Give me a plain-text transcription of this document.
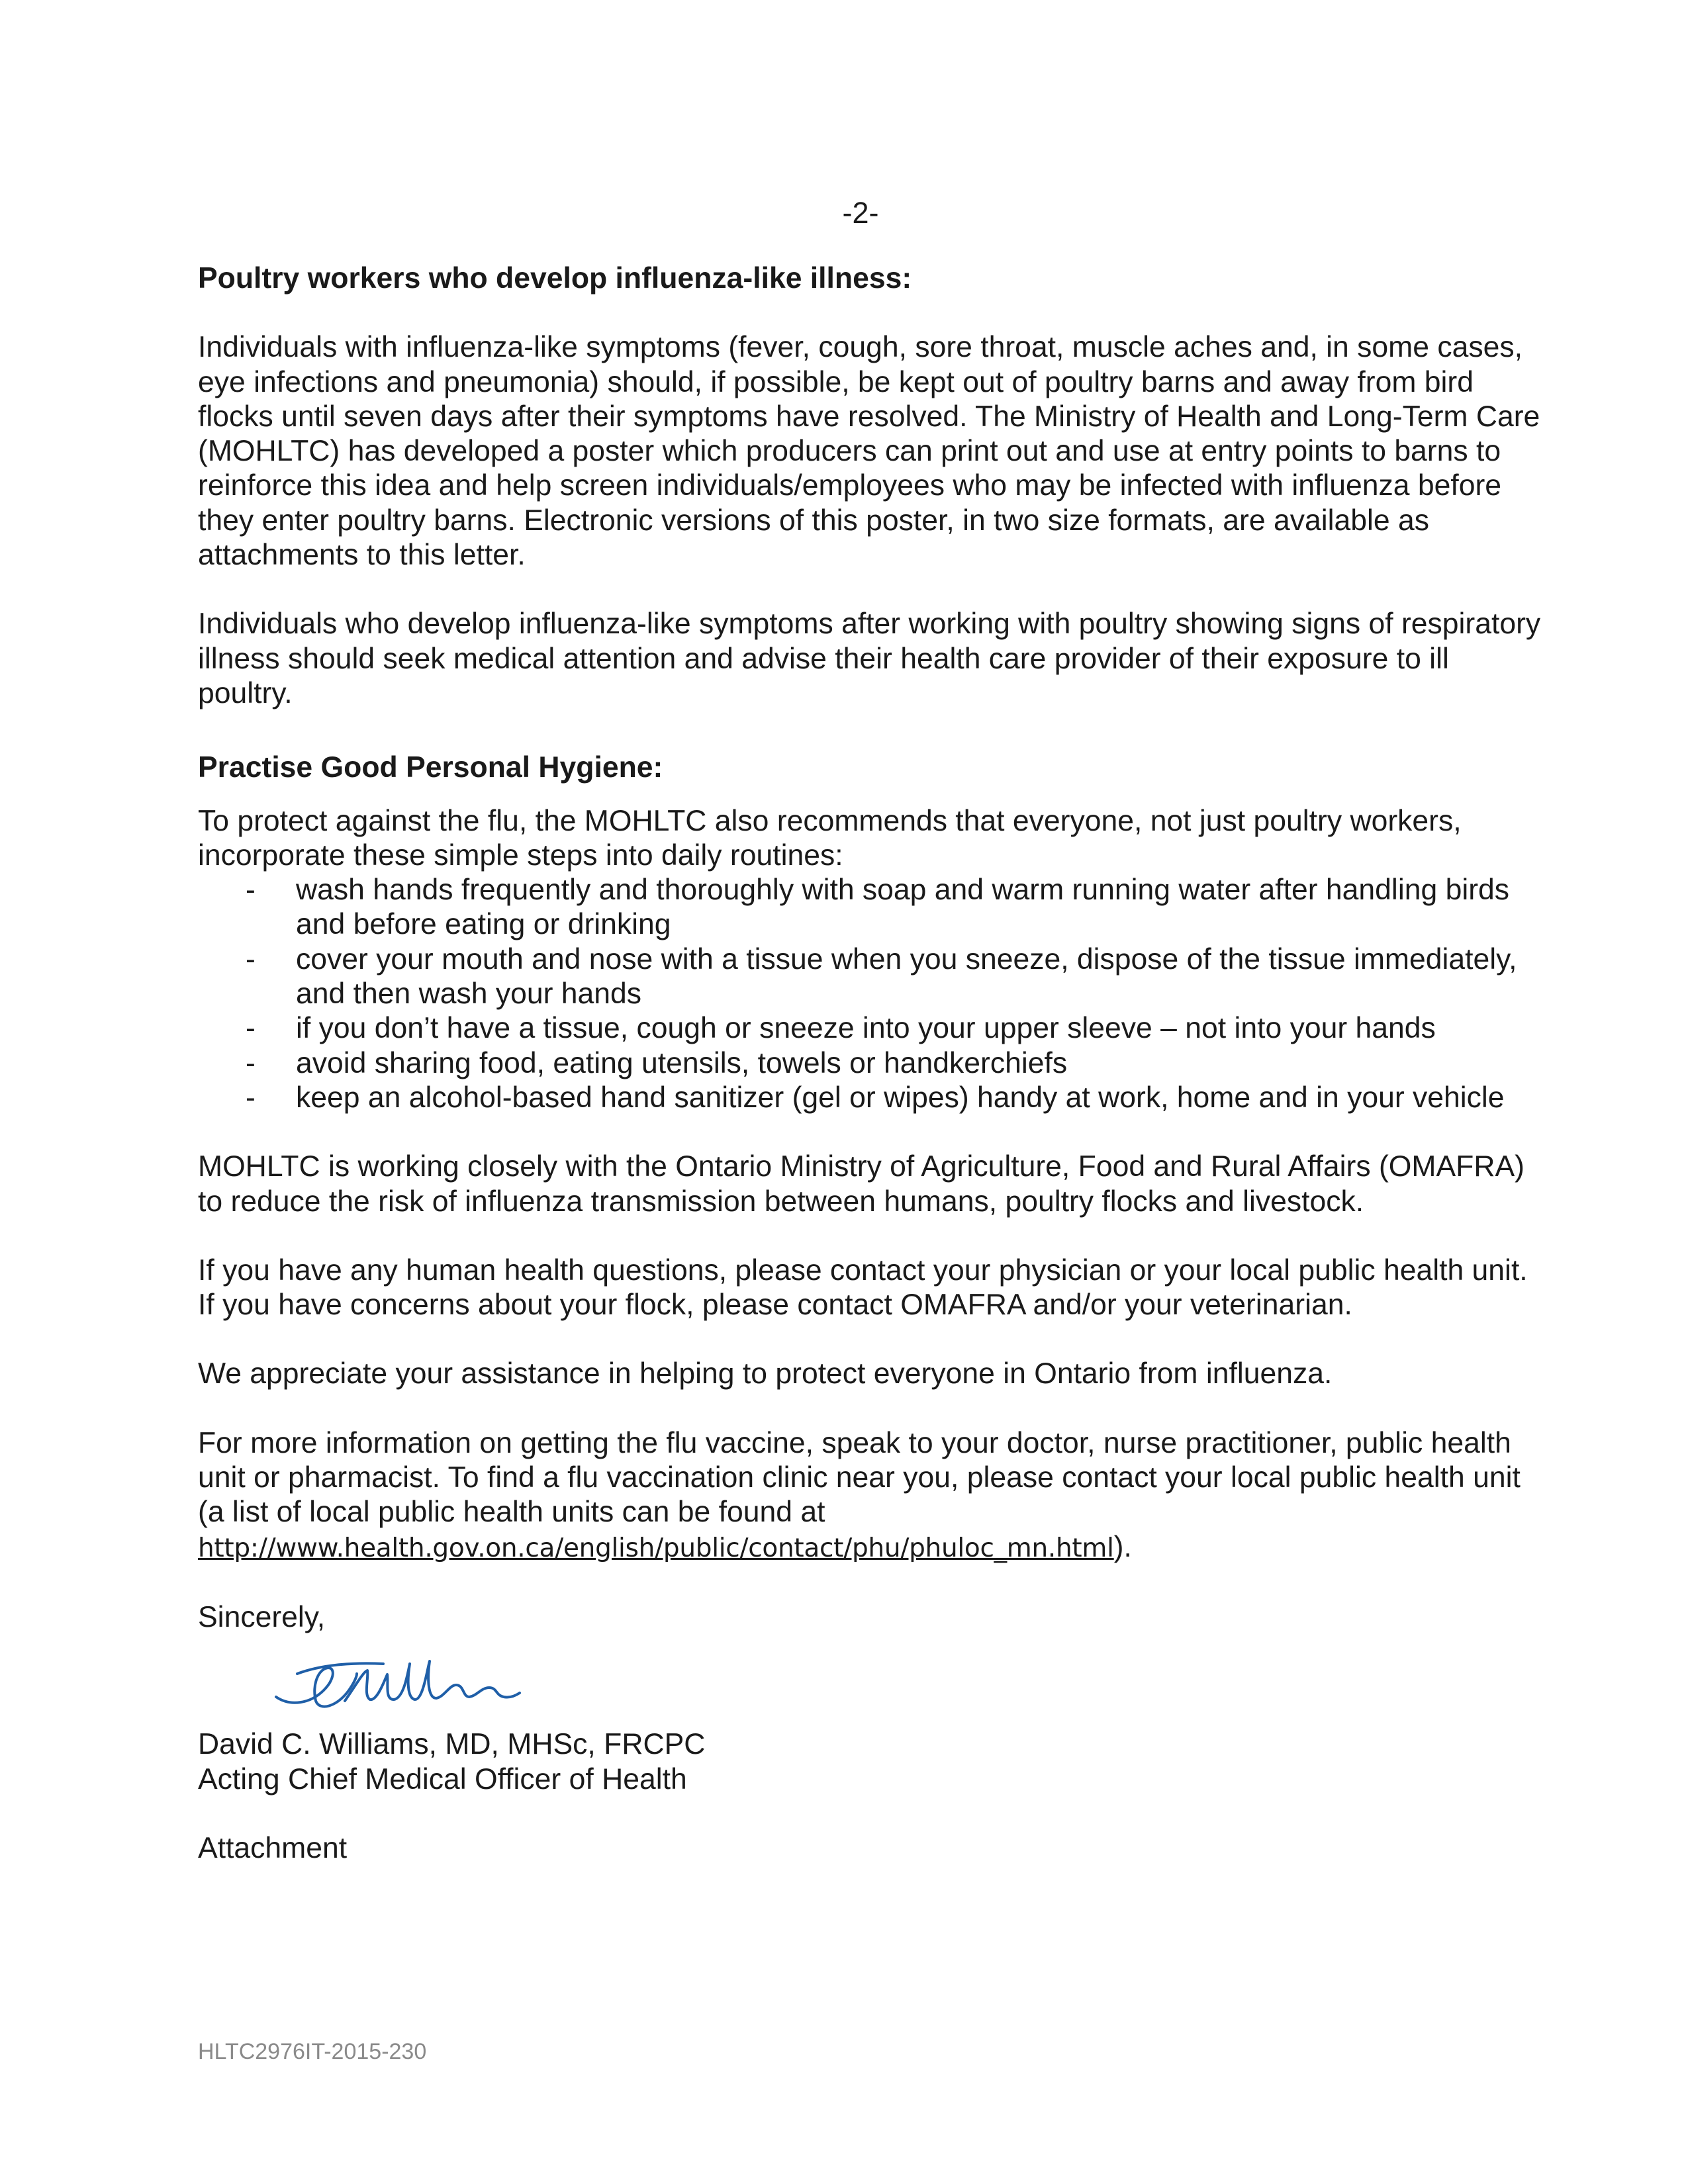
-2-
Poultry workers who develop influenza-like illness:

Individuals with influenza-like symptoms (fever, cough, sore throat, muscle aches and, in some cases, eye infections and pneumonia) should, if possible, be kept out of poultry barns and away from bird flocks until seven days after their symptoms have resolved. The Ministry of Health and Long-Term Care (MOHLTC) has developed a poster which producers can print out and use at entry points to barns to reinforce this idea and help screen individuals/employees who may be infected with influenza before they enter poultry barns. Electronic versions of this poster, in two size formats, are available as attachments to this letter.

Individuals who develop influenza-like symptoms after working with poultry showing signs of respiratory illness should seek medical attention and advise their health care provider of their exposure to ill poultry.

Practise Good Personal Hygiene:

To protect against the flu, the MOHLTC also recommends that everyone, not just poultry workers, incorporate these simple steps into daily routines:

- wash hands frequently and thoroughly with soap and warm running water after handling birds and before eating or drinking
- cover your mouth and nose with a tissue when you sneeze, dispose of the tissue immediately, and then wash your hands
- if you don’t have a tissue, cough or sneeze into your upper sleeve – not into your hands
- avoid sharing food, eating utensils, towels or handkerchiefs
- keep an alcohol-based hand sanitizer (gel or wipes) handy at work, home and in your vehicle

MOHLTC is working closely with the Ontario Ministry of Agriculture, Food and Rural Affairs (OMAFRA) to reduce the risk of influenza transmission between humans, poultry flocks and livestock.

If you have any human health questions, please contact your physician or your local public health unit. If you have concerns about your flock, please contact OMAFRA and/or your veterinarian.

We appreciate your assistance in helping to protect everyone in Ontario from influenza.

For more information on getting the flu vaccine, speak to your doctor, nurse practitioner, public health unit or pharmacist. To find a flu vaccination clinic near you, please contact your local public health unit (a list of local public health units can be found at
http://www.health.gov.on.ca/english/public/contact/phu/phuloc_mn.html).

Sincerely,

David C. Williams, MD, MHSc, FRCPC

Acting Chief Medical Officer of Health

Attachment

HLTC2976IT-2015-230
